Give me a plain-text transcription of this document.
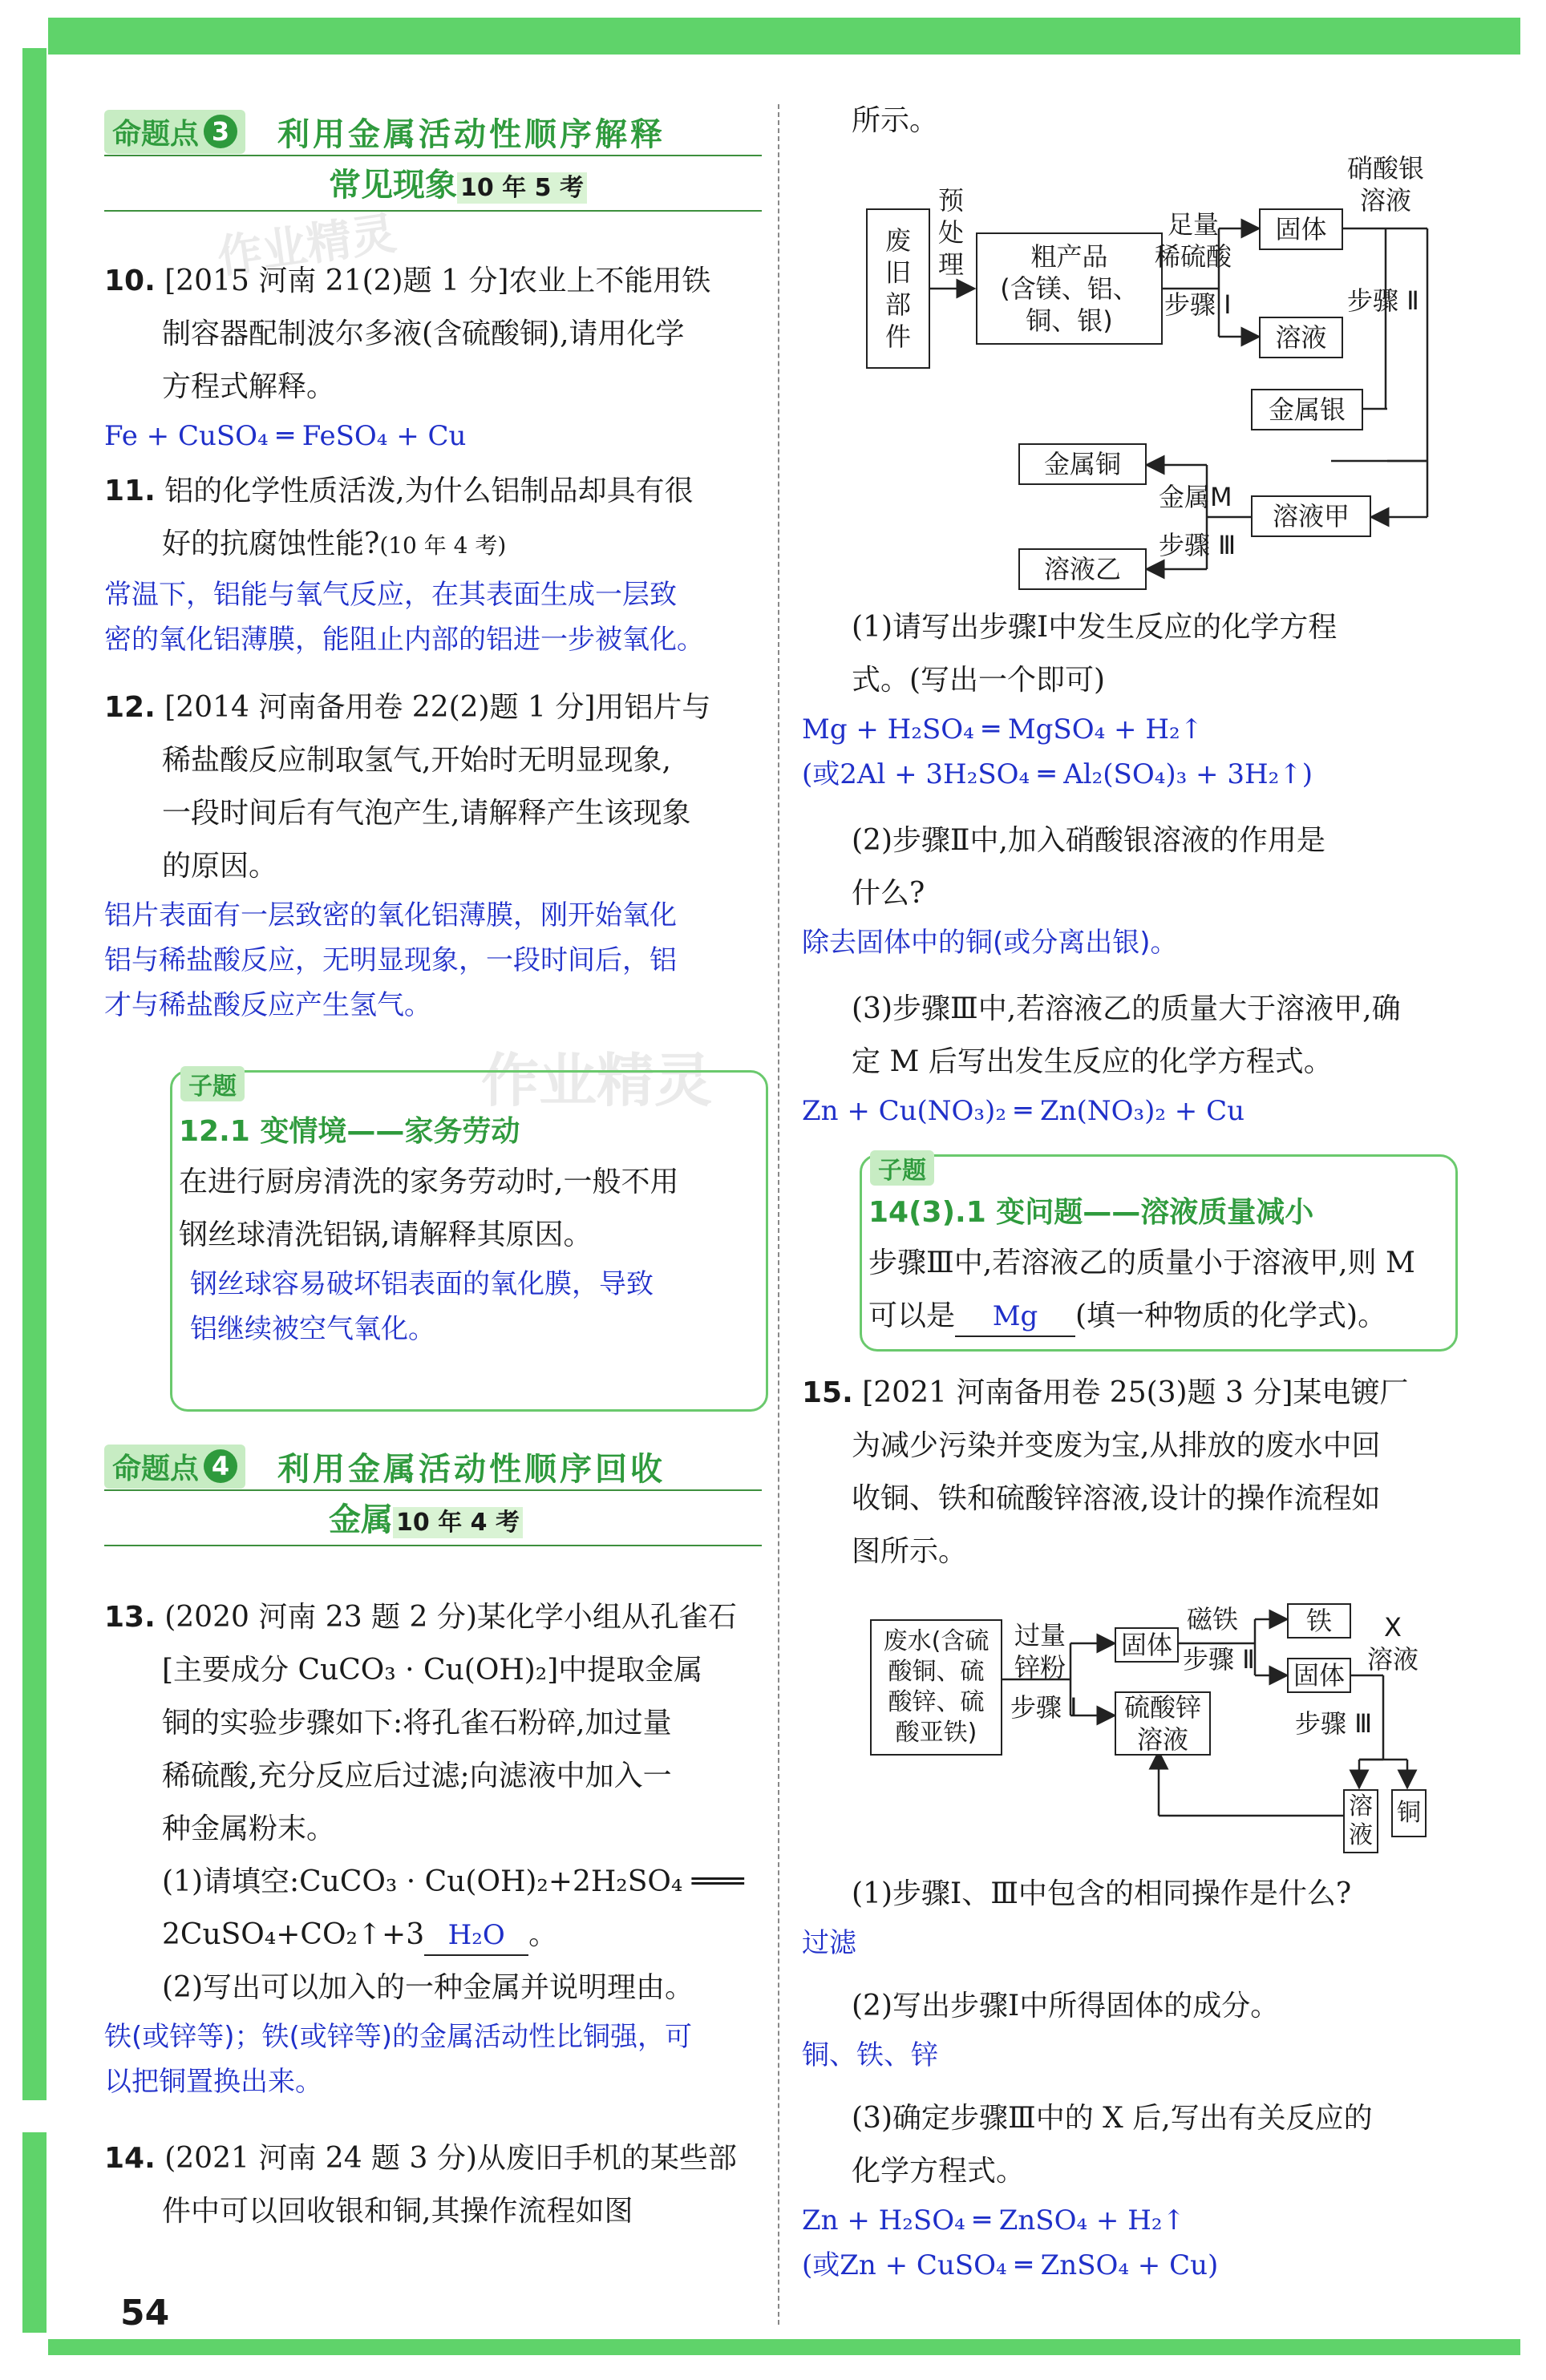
54
作业精灵
作业精灵
命题点 3 利用金属活动性顺序解释
常见现象 10 年 5 考
10. [2015 河南 21(2)题 1 分]农业上不能用铁
制容器配制波尔多液(含硫酸铜),请用化学
方程式解释。
Fe + CuSO₄ ═ FeSO₄ + Cu
11. 铝的化学性质活泼,为什么铝制品却具有很
好的抗腐蚀性能?(10 年 4 考)
常温下，铝能与氧气反应，在其表面生成一层致
密的氧化铝薄膜，能阻止内部的铝进一步被氧化。
12. [2014 河南备用卷 22(2)题 1 分]用铝片与
稀盐酸反应制取氢气,开始时无明显现象,
一段时间后有气泡产生,请解释产生该现象
的原因。
铝片表面有一层致密的氧化铝薄膜，刚开始氧化
铝与稀盐酸反应，无明显现象，一段时间后，铝
才与稀盐酸反应产生氢气。
子题
12.1 变情境——家务劳动
在进行厨房清洗的家务劳动时,一般不用
钢丝球清洗铝锅,请解释其原因。
钢丝球容易破坏铝表面的氧化膜，导致
铝继续被空气氧化。
命题点 4 利用金属活动性顺序回收
金属 10 年 4 考
13. (2020 河南 23 题 2 分)某化学小组从孔雀石
[主要成分 CuCO₃ · Cu(OH)₂]中提取金属
铜的实验步骤如下:将孔雀石粉碎,加过量
稀硫酸,充分反应后过滤;向滤液中加入一
种金属粉末。
(1)请填空:CuCO₃ · Cu(OH)₂+2H₂SO₄ ═══
2CuSO₄+CO₂↑+3 H₂O 。
(2)写出可以加入的一种金属并说明理由。
铁(或锌等)；铁(或锌等)的金属活动性比铜强，可
以把铜置换出来。
14. (2021 河南 24 题 3 分)从废旧手机的某些部
件中可以回收银和铜,其操作流程如图
所示。
废旧部件
预处理	粗产品
(含镁、铝、
铜、银)
足量
稀硫酸
步骤 Ⅰ
固体
溶液
硝酸银
溶液
步骤 Ⅱ
金属银
溶液甲
金属铜
溶液乙
金属M
步骤 Ⅲ
(1)请写出步骤Ⅰ中发生反应的化学方程
式。(写出一个即可)
Mg + H₂SO₄ ═ MgSO₄ + H₂↑
(或2Al + 3H₂SO₄ ═ Al₂(SO₄)₃ + 3H₂↑)
(2)步骤Ⅱ中,加入硝酸银溶液的作用是
什么?
除去固体中的铜(或分离出银)。
(3)步骤Ⅲ中,若溶液乙的质量大于溶液甲,确
定 M 后写出发生反应的化学方程式。
Zn + Cu(NO₃)₂ ═ Zn(NO₃)₂ + Cu
子题
14(3).1 变问题——溶液质量减小
步骤Ⅲ中,若溶液乙的质量小于溶液甲,则 M
可以是 Mg (填一种物质的化学式)。
15. [2021 河南备用卷 25(3)题 3 分]某电镀厂
为减少污染并变废为宝,从排放的废水中回
收铜、铁和硫酸锌溶液,设计的操作流程如
图所示。
废水(含硫
酸铜、硫
酸锌、硫
酸亚铁)
过量
锌粉
步骤 Ⅰ
固体
硫酸锌
溶液
磁铁
步骤 Ⅱ
铁
固体
X
溶液
步骤 Ⅲ
溶
液
铜
(1)步骤Ⅰ、Ⅲ中包含的相同操作是什么?
过滤
(2)写出步骤Ⅰ中所得固体的成分。
铜、铁、锌
(3)确定步骤Ⅲ中的 X 后,写出有关反应的
化学方程式。
Zn + H₂SO₄ ═ ZnSO₄ + H₂↑
(或Zn + CuSO₄ ═ ZnSO₄ + Cu)
